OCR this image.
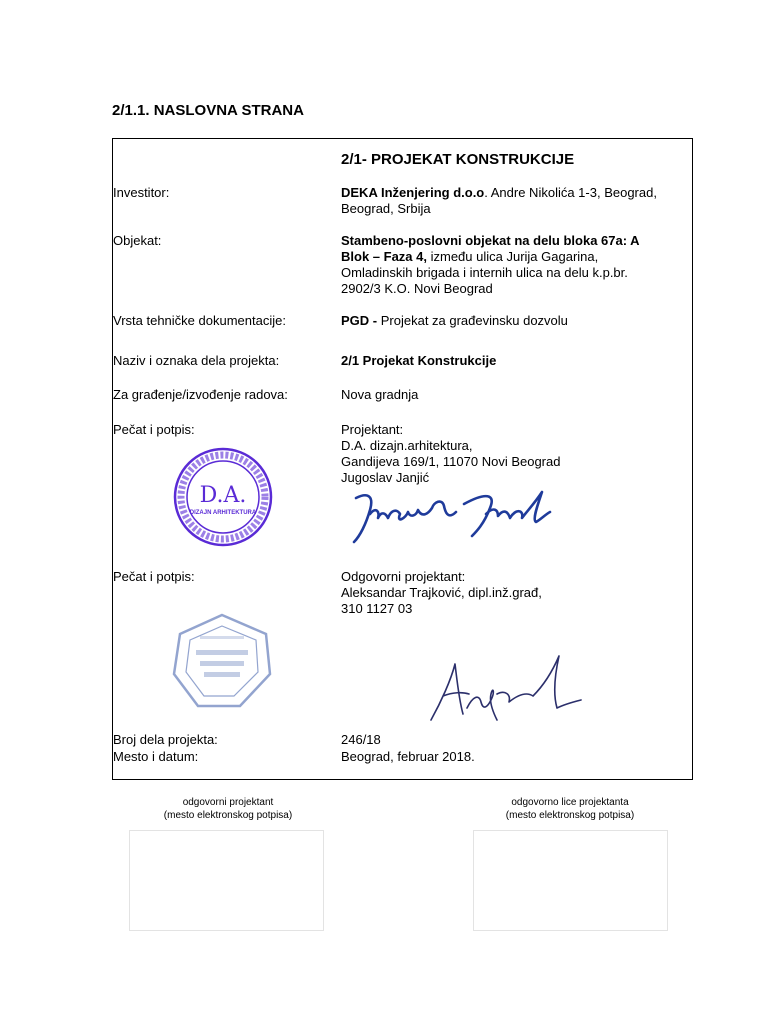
2/1.1. NASLOVNA STRANA
2/1- PROJEKAT KONSTRUKCIJE
Investitor:	DEKA Inženjering d.o.o. Andre Nikolića 1-3, Beograd,
Beograd, Srbija
Objekat:	Stambeno-poslovni objekat na delu bloka 67a: A
Blok – Faza 4, između ulica Jurija Gagarina,
Omladinskih brigada i internih ulica na delu k.p.br.
2902/3 K.O. Novi Beograd
Vrsta tehničke dokumentacije:	PGD - Projekat za građevinsku dozvolu
Naziv i oznaka dela projekta:	2/1 Projekat Konstrukcije
Za građenje/izvođenje radova:	Nova gradnja
Pečat i potpis:	Projektant:
D.A. dizajn.arhitektura,
Gandijeva 169/1, 11070 Novi Beograd
Jugoslav Janjić
D.A.
DIZAJN ARHITEKTURA
Pečat i potpis:	Odgovorni projektant:
Aleksandar Trajković, dipl.inž.građ,
310 1127 03
Broj dela projekta:	246/18
Mesto i datum:	Beograd, februar 2018.
odgovorni projektant
(mesto elektronskog potpisa)
odgovorno lice projektanta
(mesto elektronskog potpisa)
